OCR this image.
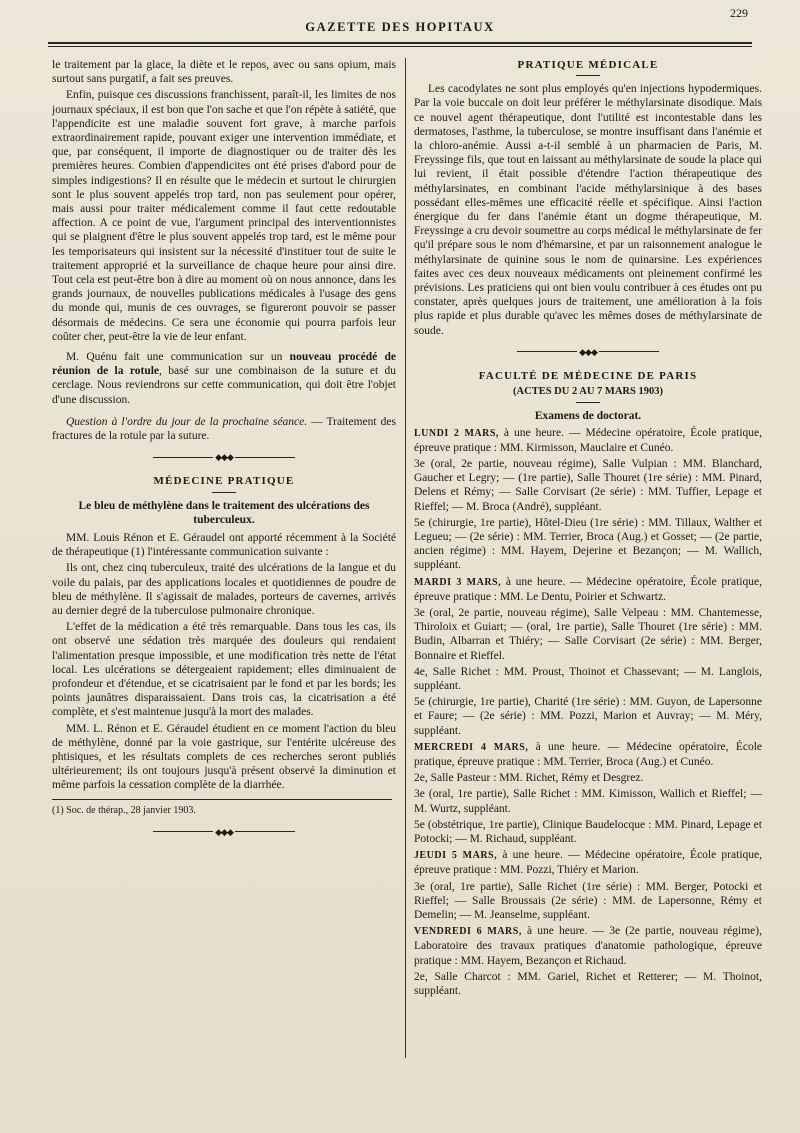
229
GAZETTE DES HOPITAUX

le traitement par la glace, la diète et le repos, avec ou sans opium, mais surtout sans purgatif, a fait ses preuves.

Enfin, puisque ces discussions franchissent, paraît-il, les limites de nos journaux spéciaux, il est bon que l'on sache et que l'on répète à satiété, que l'appendicite est une maladie souvent fort grave, à marche parfois extraordinairement rapide, pouvant exiger une intervention immédiate, et que, par conséquent, il importe de diagnostiquer ou de traiter dès les premières heures. Combien d'appendicites ont été prises d'abord pour de simples indigestions? Il en résulte que le médecin et surtout le chirurgien sont le plus souvent appelés trop tard, non pas seulement pour opérer, mais aussi pour traiter médicalement comme il faut cette redoutable affection. A ce point de vue, l'argument principal des interventionnistes qui se plaignent d'être le plus souvent appelés trop tard, est le même pour les temporisateurs qui insistent sur la nécessité d'instituer tout de suite le traitement approprié et la surveillance de chaque heure pour ainsi dire. Tout cela est peut-être bon à dire au moment où on nous annonce, dans les grands journaux, de nouvelles publications médicales à l'usage des gens du monde qui, munis de ces ouvrages, se figureront pouvoir se passer désormais de médecins. Ce sera une économie qui pourra parfois leur coûter cher, peut-être la vie de leur enfant.

M. Quénu fait une communication sur un nouveau procédé de réunion de la rotule, basé sur une combinaison de la suture et du cerclage. Nous reviendrons sur cette communication, qui doit être l'objet d'une discussion.

Question à l'ordre du jour de la prochaine séance. — Traitement des fractures de la rotule par la suture.

◆◆◆
MÉDECINE PRATIQUE
Le bleu de méthylène dans le traitement des ulcérations des tuberculeux.

MM. Louis Rénon et E. Géraudel ont apporté récemment à la Société de thérapeutique (1) l'intéressante communication suivante :

Ils ont, chez cinq tuberculeux, traité des ulcérations de la langue et du voile du palais, par des applications locales et quotidiennes de poudre de bleu de méthylène. Il s'agissait de malades, porteurs de cavernes, arrivés au dernier degré de la tuberculose pulmonaire chronique.

L'effet de la médication a été très remarquable. Dans tous les cas, ils ont observé une sédation très marquée des douleurs qui rendaient l'alimentation presque impossible, et une modification très nette de l'état local. Les ulcérations se détergeaient rapidement; elles diminuaient de profondeur et d'étendue, et se cicatrisaient par le fond et par les bords; les points jaunâtres disparaissaient. Dans trois cas, la cicatrisation a été complète, et s'est maintenue jusqu'à la mort des malades.

MM. L. Rénon et E. Géraudel étudient en ce moment l'action du bleu de méthylène, donné par la voie gastrique, sur l'entérite ulcéreuse des phtisiques, et les résultats complets de ces recherches seront publiés ultérieurement; ils ont toujours jusqu'à présent observé la diminution et même parfois la cessation complète de la diarrhée.

(1) Soc. de thérap., 28 janvier 1903.

◆◆◆
PRATIQUE MÉDICALE

Les cacodylates ne sont plus employés qu'en injections hypodermiques. Par la voie buccale on doit leur préférer le méthylarsinate disodique. Mais ce nouvel agent thérapeutique, dont l'utilité est incontestable dans les dermatoses, l'asthme, la tuberculose, se montre insuffisant dans l'anémie et la chloro-anémie. Aussi a-t-il semblé à un pharmacien de Paris, M. Freyssinge fils, que tout en laissant au méthylarsinate de soude la place qui lui revient, il était possible d'étendre l'action thérapeutique des méthylarsinates, en combinant l'acide méthylarsinique à des bases possédant elles-mêmes une efficacité réelle et spécifique. Ainsi l'action énergique du fer dans l'anémie étant un dogme thérapeutique, M. Freyssinge a cru devoir soumettre au corps médical le méthylarsinate de fer qu'il prépare sous le nom d'hémarsine, et par un raisonnement analogue le méthylarsinate de quinine sous le nom de quinarsine. Les expériences faites avec ces deux nouveaux médicaments ont pleinement confirmé les prévisions. Les praticiens qui ont bien voulu contribuer à ces études ont pu constater, après quelques jours de traitement, une amélioration à la fois plus rapide et plus durable qu'avec les mêmes doses de méthylarsinate de soude.

◆◆◆
FACULTÉ DE MÉDECINE DE PARIS
(ACTES DU 2 AU 7 MARS 1903)
Examens de doctorat.

LUNDI 2 MARS, à une heure. — Médecine opératoire, École pratique, épreuve pratique : MM. Kirmisson, Mauclaire et Cunéo.

3e (oral, 2e partie, nouveau régime), Salle Vulpian : MM. Blanchard, Gaucher et Legry; — (1re partie), Salle Thouret (1re série) : MM. Pinard, Delens et Rémy; — Salle Corvisart (2e série) : MM. Tuffier, Lepage et Rieffel; — M. Broca (André), suppléant.

5e (chirurgie, 1re partie), Hôtel-Dieu (1re série) : MM. Tillaux, Walther et Legueu; — (2e série) : MM. Terrier, Broca (Aug.) et Gosset; — (2e partie, ancien régime) : MM. Hayem, Dejerine et Bezançon; — M. Wallich, suppléant.

MARDI 3 MARS, à une heure. — Médecine opératoire, École pratique, épreuve pratique : MM. Le Dentu, Poirier et Schwartz.

3e (oral, 2e partie, nouveau régime), Salle Velpeau : MM. Chantemesse, Thiroloix et Guiart; — (oral, 1re partie), Salle Thouret (1re série) : MM. Budin, Albarran et Thiéry; — Salle Corvisart (2e série) : MM. Berger, Bonnaire et Rieffel.

4e, Salle Richet : MM. Proust, Thoinot et Chassevant; — M. Langlois, suppléant.

5e (chirurgie, 1re partie), Charité (1re série) : MM. Guyon, de Lapersonne et Faure; — (2e série) : MM. Pozzi, Marion et Auvray; — M. Méry, suppléant.

MERCREDI 4 MARS, à une heure. — Médecine opératoire, École pratique, épreuve pratique : MM. Terrier, Broca (Aug.) et Cunéo.

2e, Salle Pasteur : MM. Richet, Rémy et Desgrez.

3e (oral, 1re partie), Salle Richet : MM. Kimisson, Wallich et Rieffel; — M. Wurtz, suppléant.

5e (obstétrique, 1re partie), Clinique Baudelocque : MM. Pinard, Lepage et Potocki; — M. Richaud, suppléant.

JEUDI 5 MARS, à une heure. — Médecine opératoire, École pratique, épreuve pratique : MM. Pozzi, Thiéry et Marion.

3e (oral, 1re partie), Salle Richet (1re série) : MM. Berger, Potocki et Rieffel; — Salle Broussais (2e série) : MM. de Lapersonne, Rémy et Demelin; — M. Jeanselme, suppléant.

VENDREDI 6 MARS, à une heure. — 3e (2e partie, nouveau régime), Laboratoire des travaux pratiques d'anatomie pathologique, épreuve pratique : MM. Hayem, Bezançon et Richaud.

2e, Salle Charcot : MM. Gariel, Richet et Retterer; — M. Thoinot, suppléant.
